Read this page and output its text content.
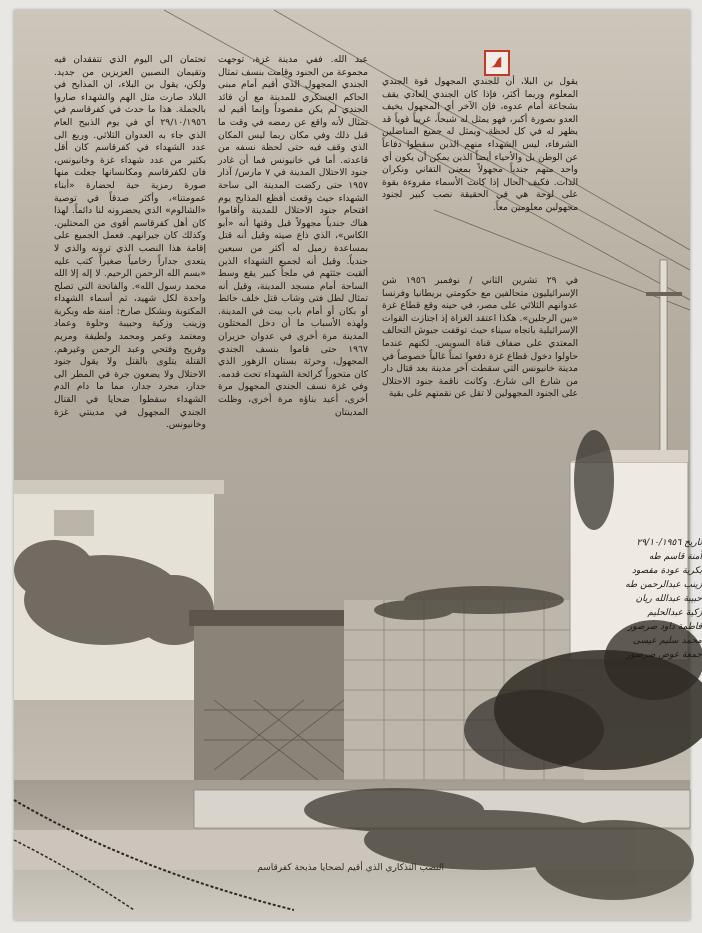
يقول بن البلا، أن للجندي المجهول قوة الجندي المعلوم وربما أكثر، فإذا كان الجندي العادي يقف بشجاعة أمام عدوه، فإن الآخر أي المجهول يخيف العدو بصورة أكبر، فهو يمثل له شبحاً، غريباً قوياً قد يظهر له في كل لحظة، ويمثل له جميع المناضلين الشرفاء، ليس الشهداء منهم الذين سقطوا دفاعاً عن الوطن بل والأحياء أيضاً الذين يمكن أن يكون أي واحد منهم جندياً مجهولاً بمعنى التفاني ونكران الذات. فكيف الحال إذا كانت الأسماء مقروءة بقوة على لوحة هي في الحقيقة نصب كبير لجنود مجهولين معلومين معاً.

في ٢٩ تشرين الثاني / نوفمبر ١٩٥٦ شن الإسرائيليون متحالفين مع حكومتي بريطانيا وفرنسا عدوانهم الثلاثي على مصر، في حينه وقع قطاع غزة «بين الرجلين». هكذا اعتقد الغزاة إذ اجتازت القوات الإسرائيلية باتجاه سيناء حيث توقفت جيوش التحالف المعتدي على ضفاف قناة السويس. لكنهم عندما حاولوا دخول قطاع غزة دفعوا ثمناً غالياً خصوصاً في مدينة خانيونس التي سقطت آخر مدينة بعد قتال دار من شارع الى شارع. وكانت ناقمة جنود الاحتلال على الجنود المجهولين لا تقل عن نقمتهم على بقية

عبد الله. ففي مدينة غزة، توجهت مجموعة من الجنود وقامت بنسف تمثال الجندي المجهول الذي أقيم أمام مبنى الحاكم العسكري للمدينة مع أن قائد الجندي لم يكن مقصوداً وإنما أقيم له تمثال لأنه واقع عن رمضه في وقت ما قبل ذلك وفي مكان ربما ليس المكان الذي وقف فيه حتى لحظة نسفه من قاعدته. أما في خانيونس فما أن غادر جنود الاحتلال المدينة في ٧ مارس/ آذار ١٩٥٧ حتى ركضت المدينة الى ساحة الشهداء حيث وقعت أفظع المذابح يوم اقتحام جنود الاحتلال للمدينة وأقاموا هناك جندياً مجهولاً قيل وقتها أنه «أبو الكاس»، الذي ذاع صيته وقيل أنه قتل بمساعدة زميل له أكثر من سبعين جندياً. وقيل أنه لجميع الشهداء الذين ألقيت جثثهم في ملجأ كبير يقع وسط الساحة أمام مسجد المدينة، وقيل أنه تمثال لطل فتى وشاب قتل خلف حائط أو بكان أو أمام باب بيت في المدينة. ولهذه الأسباب ما أن دخل المحتلون المدينة مرة أخرى في عدوان حزيران ١٩٦٧ حتى قاموا بنسف الجندي المجهول، وحرثة بستان الزهور الذي كان متحوراً كرائحة الشهداء تحت قدمه. وفي غزة نسف الجندي المجهول مرة أخرى، أعيد بناؤه مرة أخرى، وظلت المدينتان

تحتمان الى اليوم الذي تتفقدان فيه وتقيمان النصبين العزيزين من جديد. ولكن، يقول بن البلاء، ان المذابح في البلاد صارت مثل الهم والشهداء صاروا بالجملة. هذا ما حدث في كفرقاسم في ٢٩/١٠/١٩٥٦ أي في يوم الذبيح العام الذي جاء به العدوان الثلاثي. وربع الى عدد الشهداء في كفرقاسم كان أقل بكثير من عدد شهداء غزة وخانيونس، فان لكفرقاسم ومكانسانها جعلت منها صورة رمزية حية لحضارة «أبناء عمومتنا»، وأكثر صدقاً في توصية «الشالوم» الذي يحضرونه لنا دائماً. لهذا كان أهل كفرقاسم أقوى من المحتلين. وكذلك كان جيرانهم. فعمل الجميع على إقامة هذا النصب الذي ترونه والذي لا يتعدى جداراً رخامياً صغيراً كتب عليه «بسم الله الرحمن الرحيم. لا إله إلا الله محمد رسول الله». والفاتحة التي تصلح واحدة لكل شهيد، ثم أسماء الشهداء المكتوبة وبشكل صارخ: أمنة طه وبكرية وزينب وزكية وحبيبة وحلوة وعماد ومعتمد وعمر ومحمد ولطيفة ومريم وفريح وفتحي وعبد الرحمن وغيرهم. القتلة يتلوى بالقتل ولا يقول جنود الاحتلال ولا يضعون جرة في المطر الى جدار، مجرد جدار، مما ما دام الدم الشهداء سقطوا ضحايا في القتال الجندي المجهول في مدينتي غزة وخانيونس.

تاريخ ٢٩/١٠/١٩٥٦
آمنة قاسم طه
بكرية عودة مقصود
زينب عبدالرحمن طه
حبيبة عبدالله ريان
زكية عبدالحليم
فاطمة داود صرصور
محمد سليم عيسى
جمعة عوض صرصور
النصب التذكاري الذي أقيم لضحايا مذبحة كفرقاسم
